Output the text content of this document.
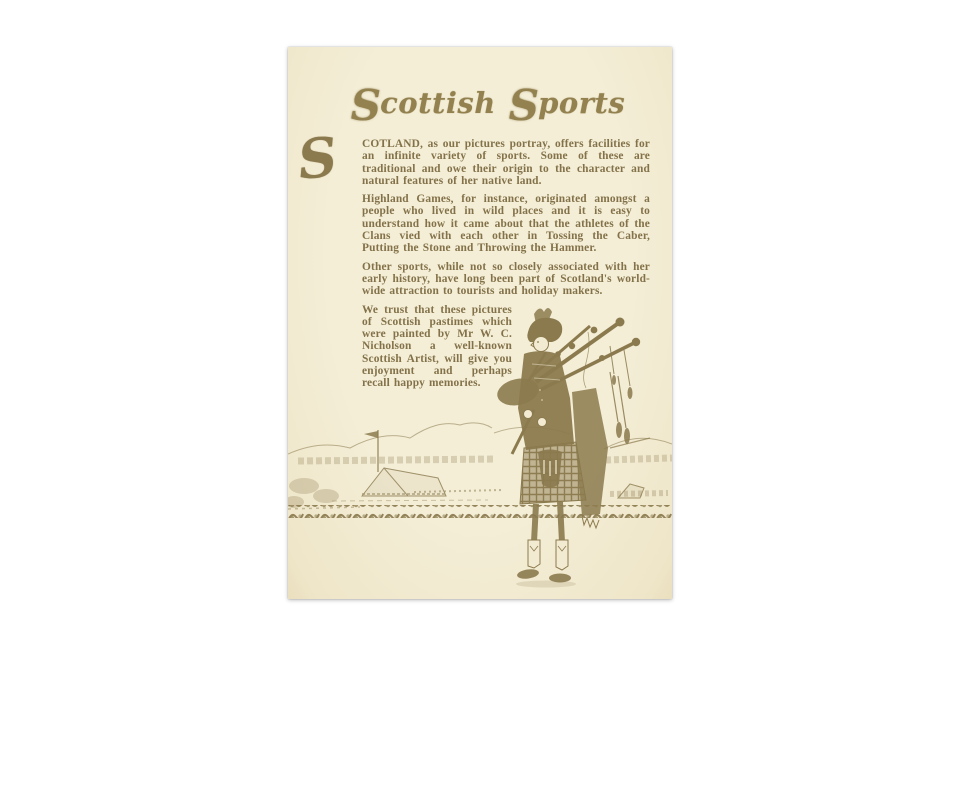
Scottish Sports

S COTLAND, as our pictures portray, offers facilities for an infinite variety of sports. Some of these are traditional and owe their origin to the character and natural features of her native land.

Highland Games, for instance, originated amongst a people who lived in wild places and it is easy to understand how it came about that the athletes of the Clans vied with each other in Tossing the Caber, Putting the Stone and Throwing the Hammer.

Other sports, while not so closely associated with her early history, have long been part of Scotland's world-wide attraction to tourists and holiday makers.

We trust that these pictures of Scottish pastimes which were painted by Mr W. C. Nicholson a well-known Scottish Artist, will give you enjoyment and perhaps recall happy memories.
